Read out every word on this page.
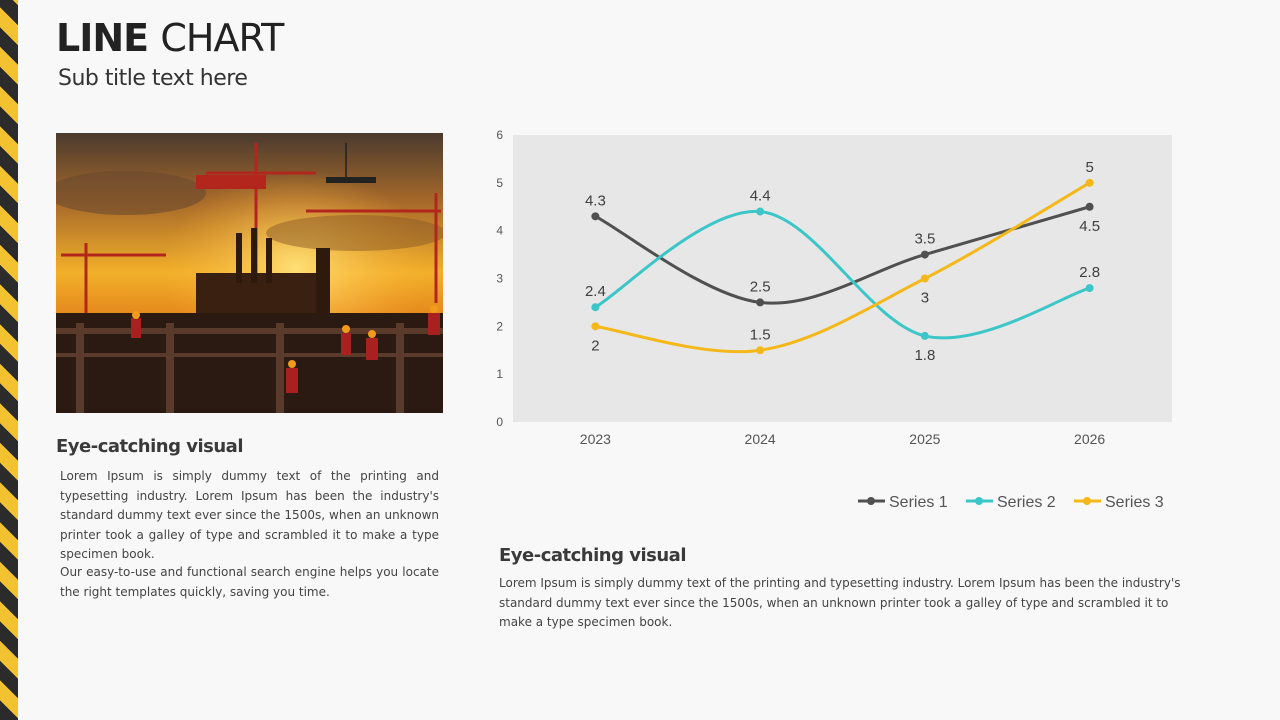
LINE CHART
Sub title text here
Eye-catching visual

Lorem Ipsum is simply dummy text of the printing and typesetting industry. Lorem Ipsum has been the industry's standard dummy text ever since the 1500s, when an unknown printer took a galley of type and scrambled it to make a type specimen book.

Our easy-to-use and functional search engine helps you locate the right templates quickly, saving you time.

0
1
2
3
4
5
6
2023	2024	2025	2026
4.3
2.5
3.5
4.5
2.4
4.4
1.8
2.8
2
1.5
3
5
Series 1	Series 2	Series 3
Eye-catching visual

Lorem Ipsum is simply dummy text of the printing and typesetting industry. Lorem Ipsum has been the industry's standard dummy text ever since the 1500s, when an unknown printer took a galley of type and scrambled it to make a type specimen book.
